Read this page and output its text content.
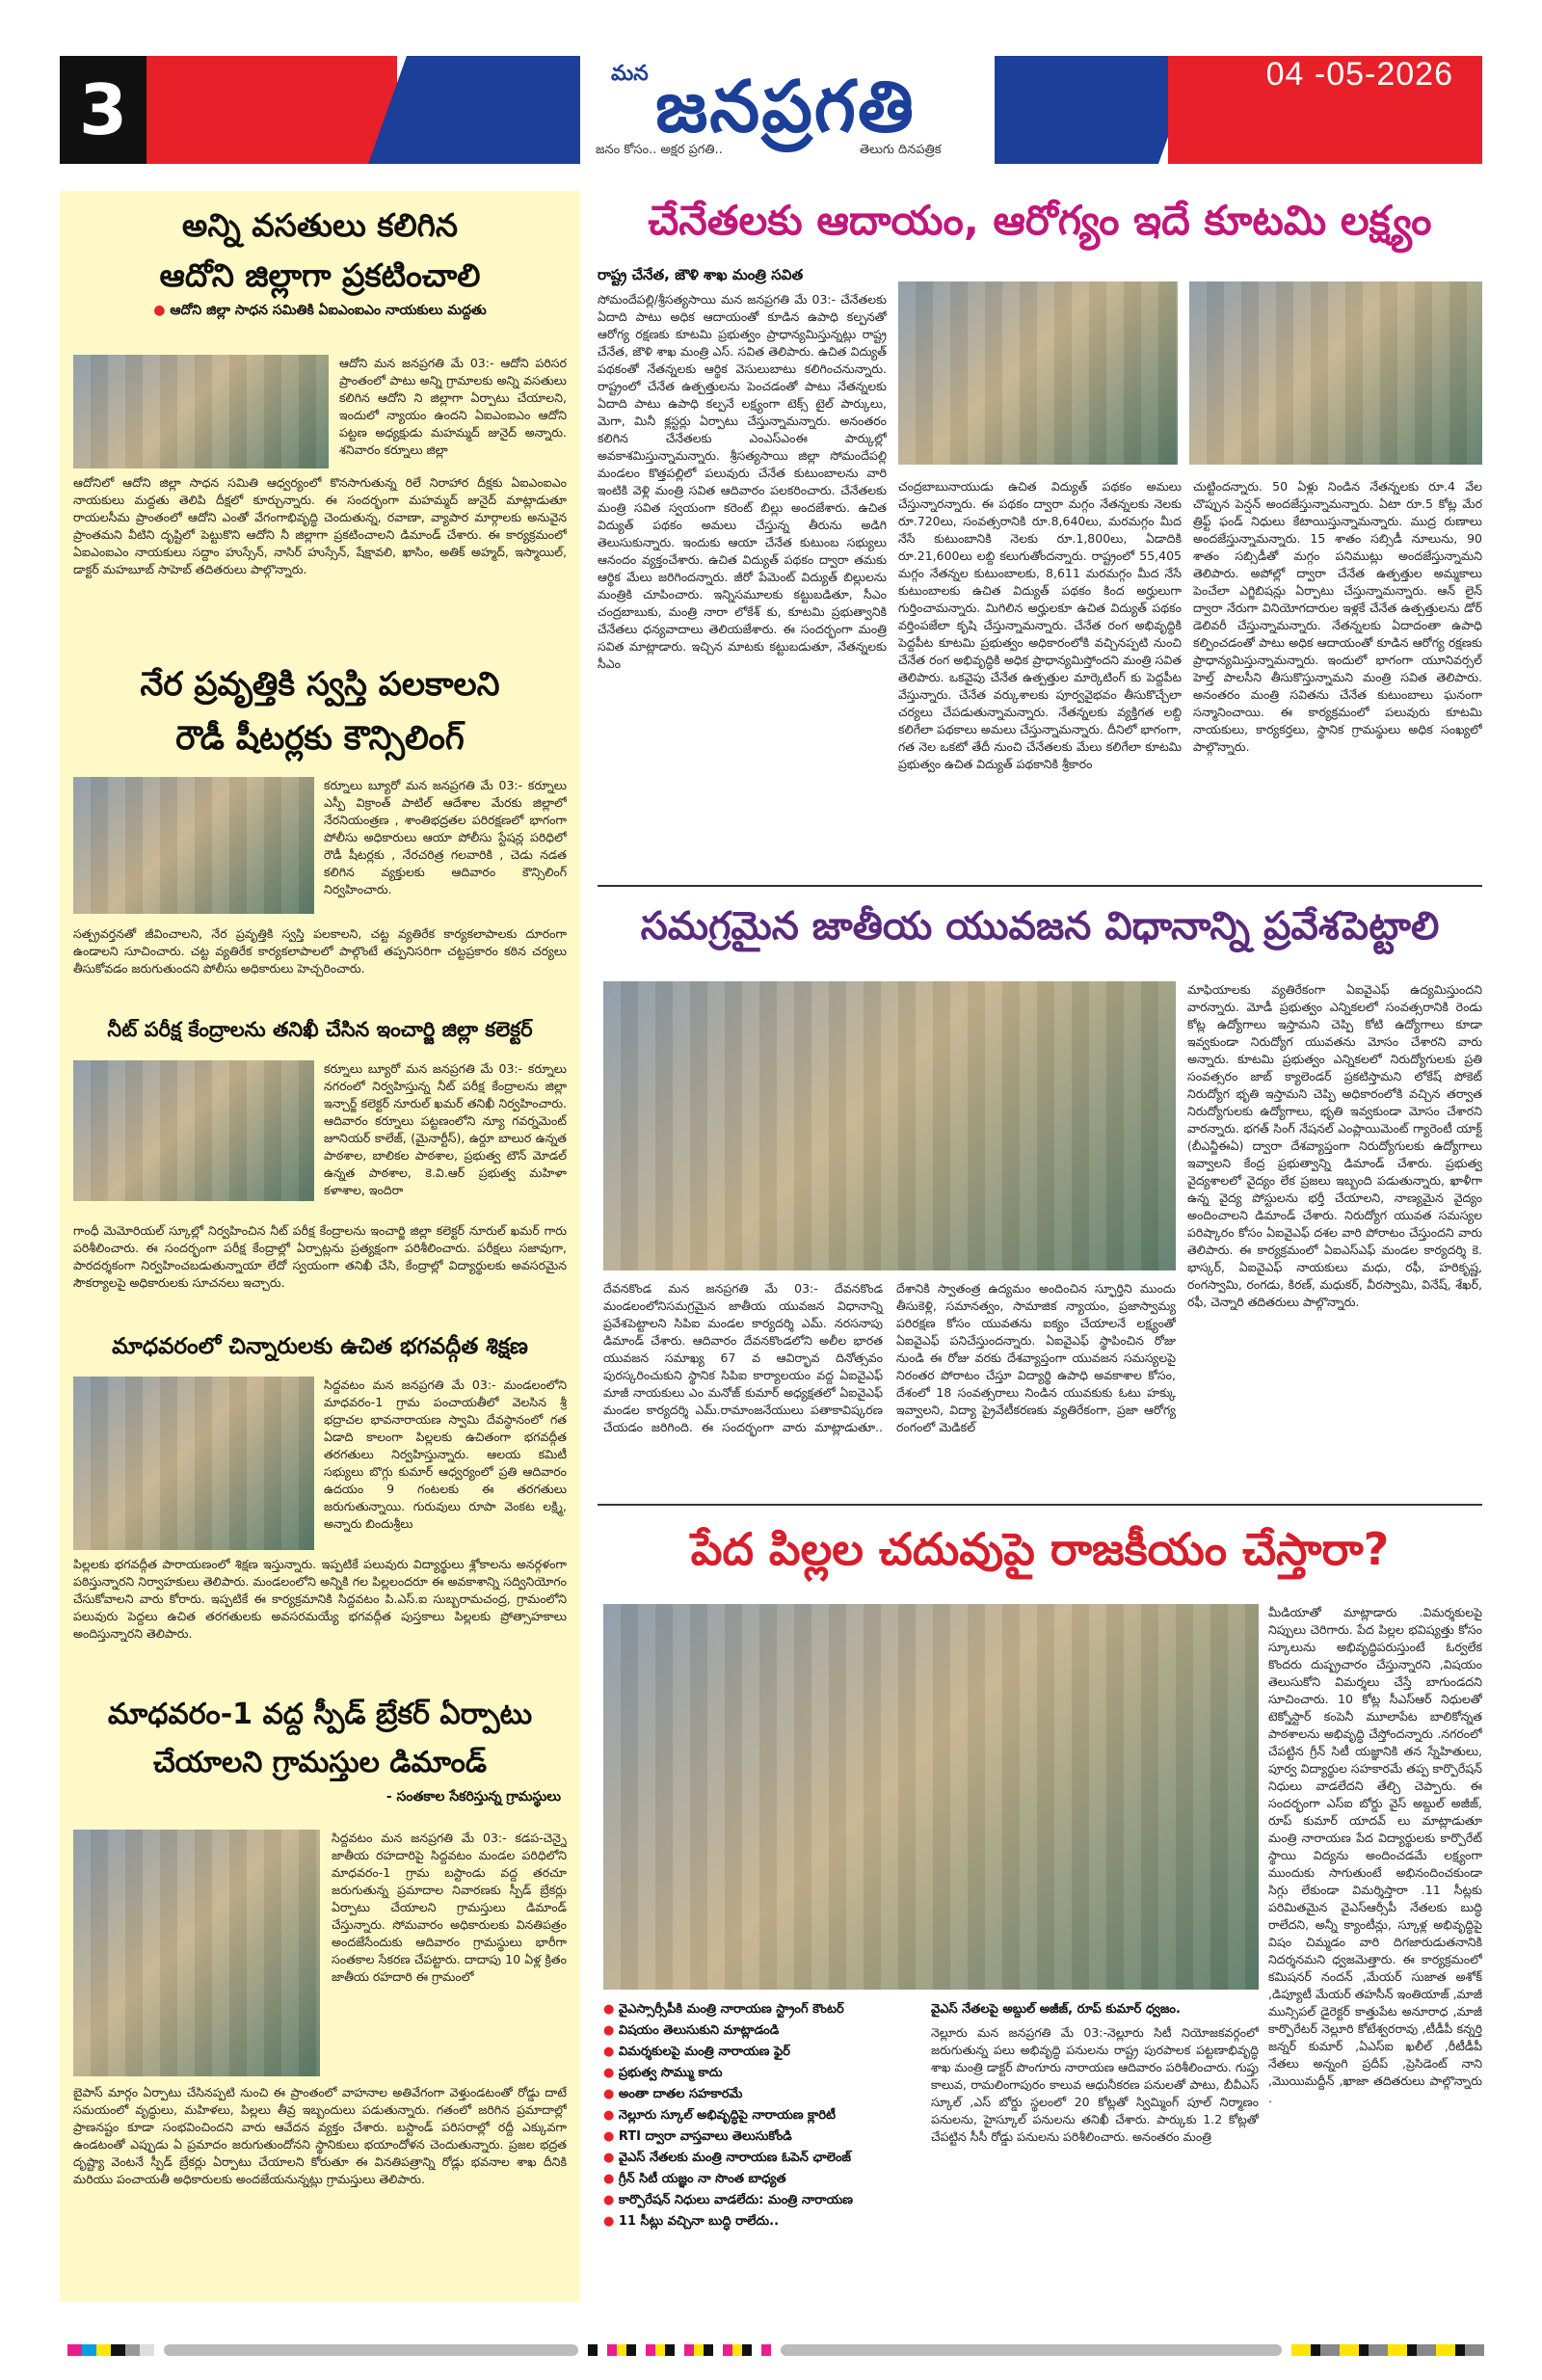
3	మన జనప్రగతి
జనం కోసం.. అక్షర ప్రగతి..	తెలుగు దినపత్రిక
04 -05-2026
అన్ని వసతులు కలిగిన
ఆదోని జిల్లాగా ప్రకటించాలి
● ఆదోని జిల్లా సాధన సమితికి ఏఐఎంఐఎం నాయకులు మద్దతు
ఆదోని మన జనప్రగతి మే 03:- ఆదోని పరిసర ప్రాంతంలో పాటు అన్ని గ్రామాలకు అన్ని వసతులు కలిగిన ఆదోని ని జిల్లాగా ఏర్పాటు చేయాలని, ఇందులో న్యాయం ఉందని ఏఐఎంఐఎం ఆదోని పట్టణ అధ్యక్షుడు మహమ్మద్ జునైద్ అన్నారు. శనివారం కర్నూలు జిల్లా
ఆదోనిలో ఆదోని జిల్లా సాధన సమితి ఆధ్వర్యంలో కొనసాగుతున్న రిలే నిరాహార దీక్షకు ఏఐఎంఐఎం నాయకులు మద్దతు తెలిపి దీక్షలో కూర్చున్నారు. ఈ సందర్భంగా మహమ్మద్ జునైద్ మాట్లాడుతూ రాయలసీమ ప్రాంతంలో ఆదోని ఎంతో వేగంగాభివృద్ధి చెందుతున్న, రవాణా, వ్యాపార మార్గాలకు అనువైన ప్రాంతమని వీటిని దృష్టిలో పెట్టుకొని ఆదోని నీ జిల్లాగా ప్రకటించాలని డిమాండ్ చేశారు. ఈ కార్యక్రమంలో ఏఐఎంఐఎం నాయకులు సద్దాం హుస్సేన్, నాసిర్ హుస్సేన్, షేక్షావలి, ఖాసిం, అతిక్ అహ్మద్, ఇస్మాయిల్, డాక్టర్ మహబూబ్ సాహెబ్ తదితరులు పాల్గొన్నారు.
నేర ప్రవృత్తికి స్వస్తి పలకాలని
రౌడీ షీటర్లకు కౌన్సిలింగ్
కర్నూలు బ్యూరో మన జనప్రగతి మే 03:- కర్నూలు ఎస్పీ విక్రాంత్ పాటిల్ ఆదేశాల మేరకు జిల్లాలో నేరనియంత్రణ , శాంతిభద్రతల పరిరక్షణలో భాగంగా పోలీసు అధికారులు ఆయా పోలీసు స్టేషన్ల పరిధిలో రౌడీ షీటర్లకు , నేరచరిత్ర గలవారికి , చెడు నడత కలిగిన వ్యక్తులకు ఆదివారం కౌన్సిలింగ్ నిర్వహించారు.
సత్ప్రవర్తనతో జీవించాలని, నేర ప్రవృత్తికి స్వస్తి పలకాలని, చట్ట వ్యతిరేక కార్యకలాపాలకు దూరంగా ఉండాలని సూచించారు. చట్ట వ్యతిరేక కార్యకలాపాలలో పాల్గొంటే తప్పనిసరిగా చట్టప్రకారం కఠిన చర్యలు తీసుకోవడం జరుగుతుందని పోలీసు అధికారులు హెచ్చరించారు.
నీట్ పరీక్ష కేంద్రాలను తనిఖీ చేసిన ఇంచార్జి జిల్లా కలెక్టర్
కర్నూలు బ్యూరో మన జనప్రగతి మే 03:- కర్నూలు నగరంలో నిర్వహిస్తున్న నీట్ పరీక్ష కేంద్రాలను జిల్లా ఇన్చార్జ్ కలెక్టర్ నూరుల్ ఖమర్ తనిఖీ నిర్వహించారు. ఆదివారం కర్నూలు పట్టణంలోని న్యూ గవర్నమెంట్ జూనియర్ కాలేజ్, (మైనార్టీస్), ఉర్దూ బాలుర ఉన్నత పాఠశాల, బాలికల పాఠశాల, ప్రభుత్వ టౌన్ మోడల్ ఉన్నత పాఠశాల, కె.వి.ఆర్ ప్రభుత్వ మహిళా కళాశాల, ఇందిరా
గాంధీ మెమోరియల్ స్కూల్లో నిర్వహించిన నీట్ పరీక్ష కేంద్రాలను ఇంచార్జి జిల్లా కలెక్టర్ నూరుల్ ఖమర్ గారు పరిశీలించారు. ఈ సందర్భంగా పరీక్ష కేంద్రాల్లో ఏర్పాట్లను ప్రత్యక్షంగా పరిశీలించారు. పరీక్షలు సజావుగా, పారదర్శకంగా నిర్వహించబడుతున్నాయా లేదో స్వయంగా తనిఖీ చేసి, కేంద్రాల్లో విద్యార్థులకు అవసరమైన సౌకర్యాలపై అధికారులకు సూచనలు ఇచ్చారు.
మాధవరంలో చిన్నారులకు ఉచిత భగవద్గీత శిక్షణ
సిద్దవటం మన జనప్రగతి మే 03:- మండలంలోని మాధవరం-1 గ్రామ పంచాయతీలో వెలసిన శ్రీ భద్రాచల భావనారాయణ స్వామి దేవస్థానంలో గత ఏడాది కాలంగా పిల్లలకు ఉచితంగా భగవద్గీత తరగతులు నిర్వహిస్తున్నారు. ఆలయ కమిటీ సభ్యులు బొగ్గు కుమార్ ఆధ్వర్యంలో ప్రతి ఆదివారం ఉదయం 9 గంటలకు ఈ తరగతులు జరుగుతున్నాయి. గురువులు రూపా వెంకట లక్ష్మి, అన్నారు బిందుశ్రీలు
పిల్లలకు భగవద్గీత పారాయణంలో శిక్షణ ఇస్తున్నారు. ఇప్పటికే పలువురు విద్యార్థులు శ్లోకాలను అనర్గళంగా పఠిస్తున్నారని నిర్వాహకులు తెలిపారు. మండలంలోని అన్నికి గల పిల్లలందరూ ఈ అవకాశాన్ని సద్వినియోగం చేసుకోవాలని వారు కోరారు. ఇప్పటికే ఈ కార్యక్రమానికి సిద్దవటం పి.ఎస్.ఐ సుబ్బరామచంద్ర, గ్రామంలోని పలువురు పెద్దలు ఉచిత తరగతులకు అవసరమయ్యే భగవద్గీత పుస్తకాలు పిల్లలకు ప్రోత్సాహకాలు అందిస్తున్నారని తెలిపారు.
మాధవరం-1 వద్ద స్పీడ్ బ్రేకర్ ఏర్పాటు
చేయాలని గ్రామస్తుల డిమాండ్
- సంతకాల సేకరిస్తున్న గ్రామస్థులు
సిద్దవటం మన జనప్రగతి మే 03:- కడప-చెన్నై జాతీయ రహదారిపై సిద్దవటం మండల పరిధిలోని మాధవరం-1 గ్రామ బస్టాండు వద్ద తరచూ జరుగుతున్న ప్రమాదాల నివారణకు స్పీడ్ బ్రేకర్లు ఏర్పాటు చేయాలని గ్రామస్తులు డిమాండ్ చేస్తున్నారు. సోమవారం అధికారులకు వినతిపత్రం అందజేసేందుకు ఆదివారం గ్రామస్థులు భారీగా సంతకాల సేకరణ చేపట్టారు. దాదాపు 10 ఏళ్ల క్రితం జాతీయ రహదారి ఈ గ్రామంలో
బైపాస్ మార్గం ఏర్పాటు చేసినప్పటి నుంచి ఈ ప్రాంతంలో వాహనాల అతివేగంగా వెళ్తుండటంతో రోడ్డు దాటే సమయంలో వృద్ధులు, మహిళలు, పిల్లలు తీవ్ర ఇబ్బందులు పడుతున్నారు. గతంలో జరిగిన ప్రమాదాల్లో ప్రాణనష్టం కూడా సంభవించిందని వారు ఆవేదన వ్యక్తం చేశారు. బస్టాండ్ పరిసరాల్లో రద్దీ ఎక్కువగా ఉండటంతో ఎప్పుడు ఏ ప్రమాదం జరుగుతుందోనని స్థానికులు భయాందోళన చెందుతున్నారు. ప్రజల భద్రత దృష్ట్యా వెంటనే స్పీడ్ బ్రేకర్లు ఏర్పాటు చేయాలని కోరుతూ ఈ వినతిపత్రాన్ని రోడ్లు భవనాల శాఖ దీనికి మరియు పంచాయతీ అధికారులకు అందజేయనున్నట్లు గ్రామస్తులు తెలిపారు.
చేనేతలకు ఆదాయం, ఆరోగ్యం ఇదే కూటమి లక్ష్యం
రాష్ట్ర చేనేత, జౌళి శాఖ మంత్రి సవిత
సోమందేపల్లి/శ్రీసత్యసాయి మన జనప్రగతి మే 03:- చేనేతలకు ఏదాది పాటు అధిక ఆదాయంతో కూడిన ఉపాధి కల్పనతో ఆరోగ్య రక్షణకు కూటమి ప్రభుత్వం ప్రాధాన్యమిస్తున్నట్లు రాష్ట్ర చేనేత, జౌళి శాఖ మంత్రి ఎస్. సవిత తెలిపారు. ఉచిత విద్యుత్ పథకంతో నేతన్నలకు ఆర్థిక వెసులుబాటు కలిగించనున్నారు. రాష్ట్రంలో చేనేత ఉత్పత్తులను పెంచడంతో పాటు నేతన్నలకు ఏదాది పాటు ఉపాధి కల్పనే లక్ష్యంగా టెక్స్ టైల్ పార్కులు, మెగా, మినీ క్లస్టర్లు ఏర్పాటు చేస్తున్నామన్నారు. అనంతరం కలిగిన చేనేతలకు ఎంఎస్ఎంఈ పార్కుల్లో అవకాశమిస్తున్నామన్నారు. శ్రీసత్యసాయి జిల్లా సోమందేపల్లి మండలం కొత్తపల్లిలో పలువురు చేనేత కుటుంబాలను వారి ఇంటికి వెళ్లి మంత్రి సవిత ఆదివారం పలకరించారు. చేనేతలకు మంత్రి సవిత స్వయంగా కరెంట్ బిల్లు అందజేశారు. ఉచిత విద్యుత్ పథకం అమలు చేస్తున్న తీరును అడిగి తెలుసుకున్నారు. ఇందుకు ఆయా చేనేత కుటుంబ సభ్యులు ఆనందం వ్యక్తంచేశారు. ఉచిత విద్యుత్ పథకం ద్వారా తమకు ఆర్థిక మేలు జరిగిందన్నారు. జీరో పేమెంట్ విద్యుత్ బిల్లులను మంత్రికి చూపించారు. ఇన్నిసమూలకు కట్టుబడితూ, సీఎం చంద్రబాబుకు, మంత్రి నారా లోకేశ్ కు, కూటమి ప్రభుత్వానికి చేనేతలు ధన్యవాదాలు తెలియజేశారు. ఈ సందర్భంగా మంత్రి సవిత మాట్లాడారు. ఇచ్చిన మాటకు కట్టుబడుతూ, నేతన్నలకు సీఎం
చంద్రబాబునాయుడు ఉచిత విద్యుత్ పథకం అమలు చేస్తున్నారన్నారు. ఈ పథకం ద్వారా మగ్గం నేతన్నలకు నెలకు రూ.720లు, సంవత్సరానికి రూ.8,640లు, మరమగ్గం మీద నేసే కుటుంబానికి నెలకు రూ.1,800లు, ఏడాదికి రూ.21,600లు లబ్ది కలుగుతోందన్నారు. రాష్ట్రంలో 55,405 మగ్గం నేతన్నల కుటుంబాలకు, 8,611 మరమగ్గం మీద నేసే కుటుంబాలకు ఉచిత విద్యుత్ పథకం కింద అర్హులుగా గుర్తించామన్నారు. మిగిలిన అర్హులకూ ఉచిత విద్యుత్ పథకం వర్తింపజేలా కృషి చేస్తున్నామన్నారు. చేనేత రంగ అభివృద్ధికి పెద్దపీట కూటమి ప్రభుత్వం అధికారంలోకి వచ్చినప్పటి నుంచి చేనేత రంగ అభివృద్ధికి అధిక ప్రాధాన్యమిస్తోందని మంత్రి సవిత తెలిపారు. ఒకవైపు చేనేత ఉత్పత్తుల మార్కెటింగ్ కు పెద్దపీట వేస్తున్నారు. చేనేత వర్కుశాలకు పూర్వవైభవం తీసుకొచ్చేలా చర్యలు చేపడుతున్నామన్నారు. నేతన్నలకు వ్యక్తిగత లబ్ది కలిగేలా పథకాలు అమలు చేస్తున్నామన్నారు. దీనిలో భాగంగా, గత నెల ఒకటో తేదీ నుంచి చేనేతలకు మేలు కలిగేలా కూటమి ప్రభుత్వం ఉచిత విద్యుత్ పథకానికి శ్రీకారం
చుట్టిందన్నారు. 50 ఏళ్లు నిండిన నేతన్నలకు రూ.4 వేల చొప్పున పెన్షన్ అందజేస్తున్నామన్నారు. ఏటా రూ.5 కోట్ల మేర త్రిఫ్ట్ ఫండ్ నిధులు కేటాయిస్తున్నామన్నారు. ముద్ర రుణాలు అందజేస్తున్నామన్నారు. 15 శాతం సబ్సిడీ నూలును, 90 శాతం సబ్సిడీతో మగ్గం పనిముట్లు అందజేస్తున్నామని తెలిపారు. అపోల్లో ద్వారా చేనేత ఉత్పత్తుల అమ్మకాలు పెంచేలా ఎగ్జిబిషన్లు ఏర్పాటు చేస్తున్నామన్నారు. ఆన్ లైన్ ద్వారా నేరుగా వినియోగదారుల ఇళ్లకే చేనేత ఉత్పత్తులను డోర్ డెలివరీ చేస్తున్నామన్నారు. నేతన్నలకు ఏదాదంతా ఉపాధి కల్పించడంతో పాటు అధిక ఆదాయంతో కూడిన ఆరోగ్య రక్షణకు ప్రాధాన్యమిస్తున్నామన్నారు. ఇందులో భాగంగా యూనివర్సల్ హెల్త్ పాలసీని తీసుకొస్తున్నామని మంత్రి సవిత తెలిపారు. అనంతరం మంత్రి సవితను చేనేత కుటుంబాలు ఘనంగా సన్మానించాయి. ఈ కార్యక్రమంలో పలువురు కూటమి నాయకులు, కార్యకర్తలు, స్థానిక గ్రామస్థులు అధిక సంఖ్యలో పాల్గొన్నారు.
సమగ్రమైన జాతీయ యువజన విధానాన్ని ప్రవేశపెట్టాలి
మాఫియాలకు వ్యతిరేకంగా ఏఐవైఎఫ్ ఉద్యమిస్తుందని వారన్నారు. మోడీ ప్రభుత్వం ఎన్నికలలో సంవత్సరానికి రెండు కోట్ల ఉద్యోగాలు ఇస్తామని చెప్పి కోటి ఉద్యోగాలు కూడా ఇవ్వకుండా నిరుద్యోగ యువతను మోసం చేశారని వారు అన్నారు. కూటమి ప్రభుత్వం ఎన్నికలలో నిరుద్యోగులకు ప్రతి సంవత్సరం జాబ్ క్యాలెండర్ ప్రకటిస్తామని లోకేష్ పోకెట్ నిరుద్యోగ భృతి ఇస్తామని చెప్పి అధికారంలోకి వచ్చిన తర్వాత నిరుద్యోగులకు ఉద్యోగాలు, భృతి ఇవ్వకుండా మోసం చేశారని వారన్నారు. భగత్ సింగ్ నేషనల్ ఎంప్లాయిమెంట్ గ్యారెంటీ యాక్ట్ (బీఎన్జీఈఏ) ద్వారా దేశవ్యాప్తంగా నిరుద్యోగులకు ఉద్యోగాలు ఇవ్వాలని కేంద్ర ప్రభుత్వాన్ని డిమాండ్ చేశారు. ప్రభుత్వ వైద్యశాలలో వైద్యం లేక ప్రజలు ఇబ్బంది పడుతున్నారు, ఖాళీగా ఉన్న వైద్య పోస్టులను భర్తీ చేయాలని, నాణ్యమైన వైద్యం అందించాలని డిమాండ్ చేశారు. నిరుద్యోగ యువత సమస్యల పరిష్కారం కోసం ఏఐవైఎఫ్ దశల వారి పోరాటం చేస్తుందని వారు తెలిపారు. ఈ కార్యక్రమంలో ఏఐఎస్ఎఫ్ మండల కార్యదర్శి కె. భాస్కర్, ఏఐవైఎఫ్ నాయకులు మధు, రఫీ, హరికృష్ణ, రంగస్వామి, రంగడు, కిరణ్, మధుకర్, వీరస్వామి, వినేష్, శేఖర్, రఫీ, చెన్నారి తదితరులు పాల్గొన్నారు.
దేవనకొండ మన జనప్రగతి మే 03:- దేవనకొండ మండలంలోనిసమగ్రమైన జాతీయ యువజన విధానాన్ని ప్రవేశపెట్టాలని సిపిఐ మండల కార్యదర్శి ఎమ్. నరసనాపు డిమాండ్ చేశారు. ఆదివారం దేవనకొండలోని అలీల భారత యువజన సమాఖ్య 67 వ ఆవిర్భావ దినోత్సవం పురస్కరించుకుని స్థానిక సిపిఐ కార్యాలయం వద్ద ఏఐవైఎఫ్ మాజీ నాయకులు ఎం మనోజ్ కుమార్ అధ్యక్షతలో ఏఐవైఎఫ్ మండల కార్యదర్శి ఎమ్.రామాంజనేయులు పతాకావిష్కరణ చేయడం జరిగింది. ఈ సందర్భంగా వారు మాట్లాడుతూ.. దేశానికి స్వాతంత్ర ఉద్యమం అందించిన స్ఫూర్తిని ముందు తీసుకెళ్లి, సమానత్వం, సామాజిక న్యాయం, ప్రజాస్వామ్య పరిరక్షణ కోసం యువతను ఐక్యం చేయాలనే లక్ష్యంతో ఏఐవైఎఫ్ పనిచేస్తుందన్నారు. ఏఐవైఎఫ్ స్థాపించిన రోజు నుండి ఈ రోజు వరకు దేశవ్యాప్తంగా యువజన సమస్యలపై నిరంతర పోరాటం చేస్తూ విద్యార్థి ఉపాధి అవకాశాల కోసం, దేశంలో 18 సంవత్సరాలు నిండిన యువకుకు ఓటు హక్కు ఇవ్వాలని, విద్యా ప్రైవేటీకరణకు వ్యతిరేకంగా, ప్రజా ఆరోగ్య రంగంలో మెడికల్
పేద పిల్లల చదువుపై రాజకీయం చేస్తారా?
మీడియాతో మాట్లాడారు .విమర్శకులపై నిప్పులు చెరిగారు. పేద పిల్లల భవిష్యత్తు కోసం స్కూలును అభివృద్ధిపరుస్తుంటే ఓర్వలేక కొందరు దుష్ప్రచారం చేస్తున్నారని ,విషయం తెలుసుకోని విమర్శలు చేస్తే బాగుండదని సూచించారు. 10 కోట్ల సీఎస్ఆర్ నిధులతో టెక్నోస్టార్ కంపెనీ మూలాపేట బాలికోన్నత పాఠశాలను అభివృద్ధి చేస్తోందన్నారు .నగరంలో చేపట్టిన గ్రీన్ సిటీ యజ్ఞానికి తన స్నేహితులు, పూర్వ విద్యార్థుల సహకారమే తప్ప కార్పొరేషన్ నిధులు వాడలేదని తేల్చి చెప్పారు. ఈ సందర్భంగా ఎస్ఐ బోర్డు వైస్ అబ్దుల్ అజీజ్, రూప్ కుమార్ యాదవ్ లు మాట్లాడుతూ మంత్రి నారాయణ పేద విద్యార్థులకు కార్పొరేట్ స్థాయి విద్యను అందించడమే లక్ష్యంగా ముందుకు సాగుతుంటే అభినందించకుండా సిగ్గు లేకుండా విమర్శిస్తారా .11 సీట్లకు పరిమితమైన వైఎస్ఆర్సీపీ నేతలకు బుద్ధి రాలేదని, అన్నీ క్యాంటీన్లు, స్కూళ్ల అభివృద్ధిపై విషం చిమ్మడం వారి దిగజారుడుతనానికి నిదర్శనమని ధ్వజమెత్తారు. ఈ కార్యక్రమంలో కమిషనర్ నందన్ ,మేయర్ సుజాత అశోక్ ,డిప్యూటీ మేయర్ తహసీన్ ఇంతియాజ్ ,మాజీ మున్సిపల్ డైరెక్టర్ కాత్తుపేట అనూరాధ ,మాజీ కార్పొరేటర్ నెల్లూరి కోటేశ్వరరావు ,టీడీపీ కన్నర్తి జన్నర్ కుమార్ ,ఏఎస్ఐ ఖలీల్ ,రీటీడీపీ నేతలు అన్నంగి ప్రదీప్ ,ప్రెసిడెంట్ నాని ,మొయిమద్దీన్ ,ఖాజా తదితరులు పాల్గొన్నారు .
● వైఎస్సార్సీపీకి మంత్రి నారాయణ స్ట్రాంగ్ కౌంటర్
● విషయం తెలుసుకుని మాట్లాడండి
● విమర్శకులపై మంత్రి నారాయణ ఫైర్
● ప్రభుత్వ సొమ్ము కాదు
● అంతా దాతల సహకారమే
● నెల్లూరు స్కూల్ అభివృద్ధిపై నారాయణ క్లారిటీ
● RTI ద్వారా వాస్తవాలు తెలుసుకోండి
● వైఎస్ నేతలకు మంత్రి నారాయణ ఓపెన్ ఛాలెంజ్
● గ్రీన్ సిటీ యజ్ఞం నా సొంత బాధ్యత
● కార్పొరేషన్ నిధులు వాడలేదు: మంత్రి నారాయణ
● 11 సీట్లు వచ్చినా బుద్ధి రాలేదు..
వైఎస్ నేతలపై అబ్దుల్ అజీజ్, రూప్ కుమార్ ధ్వజం.
నెల్లూరు మన జనప్రగతి మే 03:-నెల్లూరు సిటీ నియోజకవర్గంలో జరుగుతున్న పలు అభివృద్ధి పనులను రాష్ట్ర పురపాలక పట్టణాభివృద్ధి శాఖ మంత్రి డాక్టర్ పొంగూరు నారాయణ ఆదివారం పరిశీలించారు. గుప్తు కాలువ, రామలింగాపురం కాలువ ఆధునీకరణ పనులతో పాటు, బీవీఎస్ స్కూల్ ,ఎస్ బోర్డు స్థలంలో 20 కోట్లతో స్విమ్మింగ్ పూల్ నిర్మాణం పనులను, హైస్కూల్ పనులను తనిఖీ చేశారు. పార్కుకు 1.2 కోట్లతో చేపట్టిన సీసీ రోడ్డు పనులను పరిశీలించారు. అనంతరం మంత్రి
